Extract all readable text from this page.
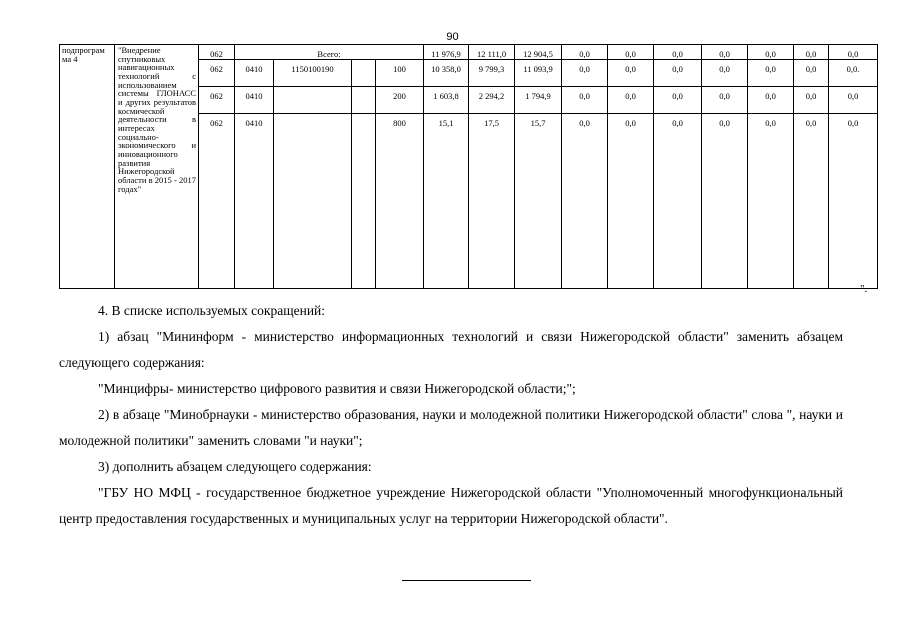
90
подпрограм ма 4	"Внедрение спутниковых навигационных технологий с использованием системы ГЛОНАСС и других результатов космической деятельности в интересах социально-экономического и инновационного развития Нижегородской области в 2015 - 2017 годах"	062	Всего:				11 976,9	12 111,0	12 904,5	0,0	0,0	0,0	0,0	0,0	0,0	0,0
		062	0410	1150100190		100	10 358,0	9 799,3	11 093,9	0,0	0,0	0,0	0,0	0,0	0,0	0,0.
		062	0410			200	1 603,8	2 294,2	1 794,9	0,0	0,0	0,0	0,0	0,0	0,0	0,0
		062	0410			800	15,1	17,5	15,7	0,0	0,0	0,0	0,0	0,0	0,0	0,0
".

4. В списке используемых сокращений:

1) абзац "Мининформ - министерство информационных технологий и связи Нижегородской области" заменить абзацем следующего содержания:

"Минцифры- министерство цифрового развития и связи Нижегородской области;";

2) в абзаце "Минобрнауки - министерство образования, науки и молодежной политики Нижегородской области" слова ", науки и молодежной политики" заменить словами "и науки";

3) дополнить абзацем следующего содержания:

"ГБУ НО МФЦ - государственное бюджетное учреждение Нижегородской области "Уполномоченный многофункциональный центр предоставления государственных и муниципальных услуг на территории Нижегородской области".
